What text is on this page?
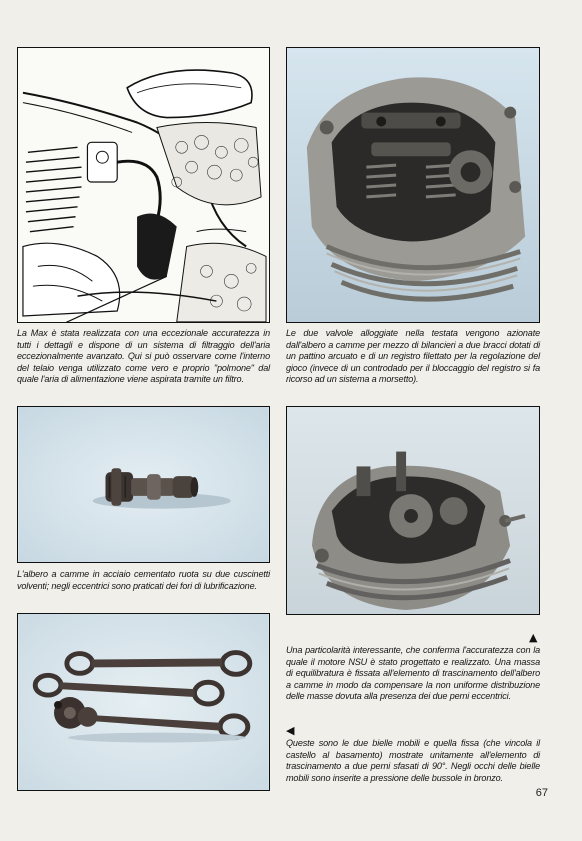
La Max è stata realizzata con una eccezionale accuratezza in tutti i dettagli e dispone di un sistema di filtraggio dell'aria eccezionalmente avanzato. Qui si può osservare come l'interno del telaio venga utilizzato come vero e proprio "polmone" dal quale l'aria di alimentazione viene aspirata tramite un filtro.

Le due valvole alloggiate nella testata vengono azionate dall'albero a camme per mezzo di bilancieri a due bracci dotati di un pattino arcuato e di un registro filettato per la regolazione del gioco (invece di un controdado per il bloccaggio del registro si fa ricorso ad un sistema a morsetto).

L'albero a camme in acciaio cementato ruota su due cuscinetti volventi; negli eccentrici sono praticati dei fori di lubrificazione.

▲

Una particolarità interessante, che conferma l'accuratezza con la quale il motore NSU è stato progettato e realizzato. Una massa di equilibratura è fissata all'elemento di trascinamento dell'albero a camme in modo da compensare la non uniforme distribuzione delle masse dovuta alla presenza dei due perni eccentrici.

◀

Queste sono le due bielle mobili e quella fissa (che vincola il castello al basamento) mostrate unitamente all'elemento di trascinamento a due perni sfasati di 90°. Negli occhi delle bielle mobili sono inserite a pressione delle bussole in bronzo.

67
